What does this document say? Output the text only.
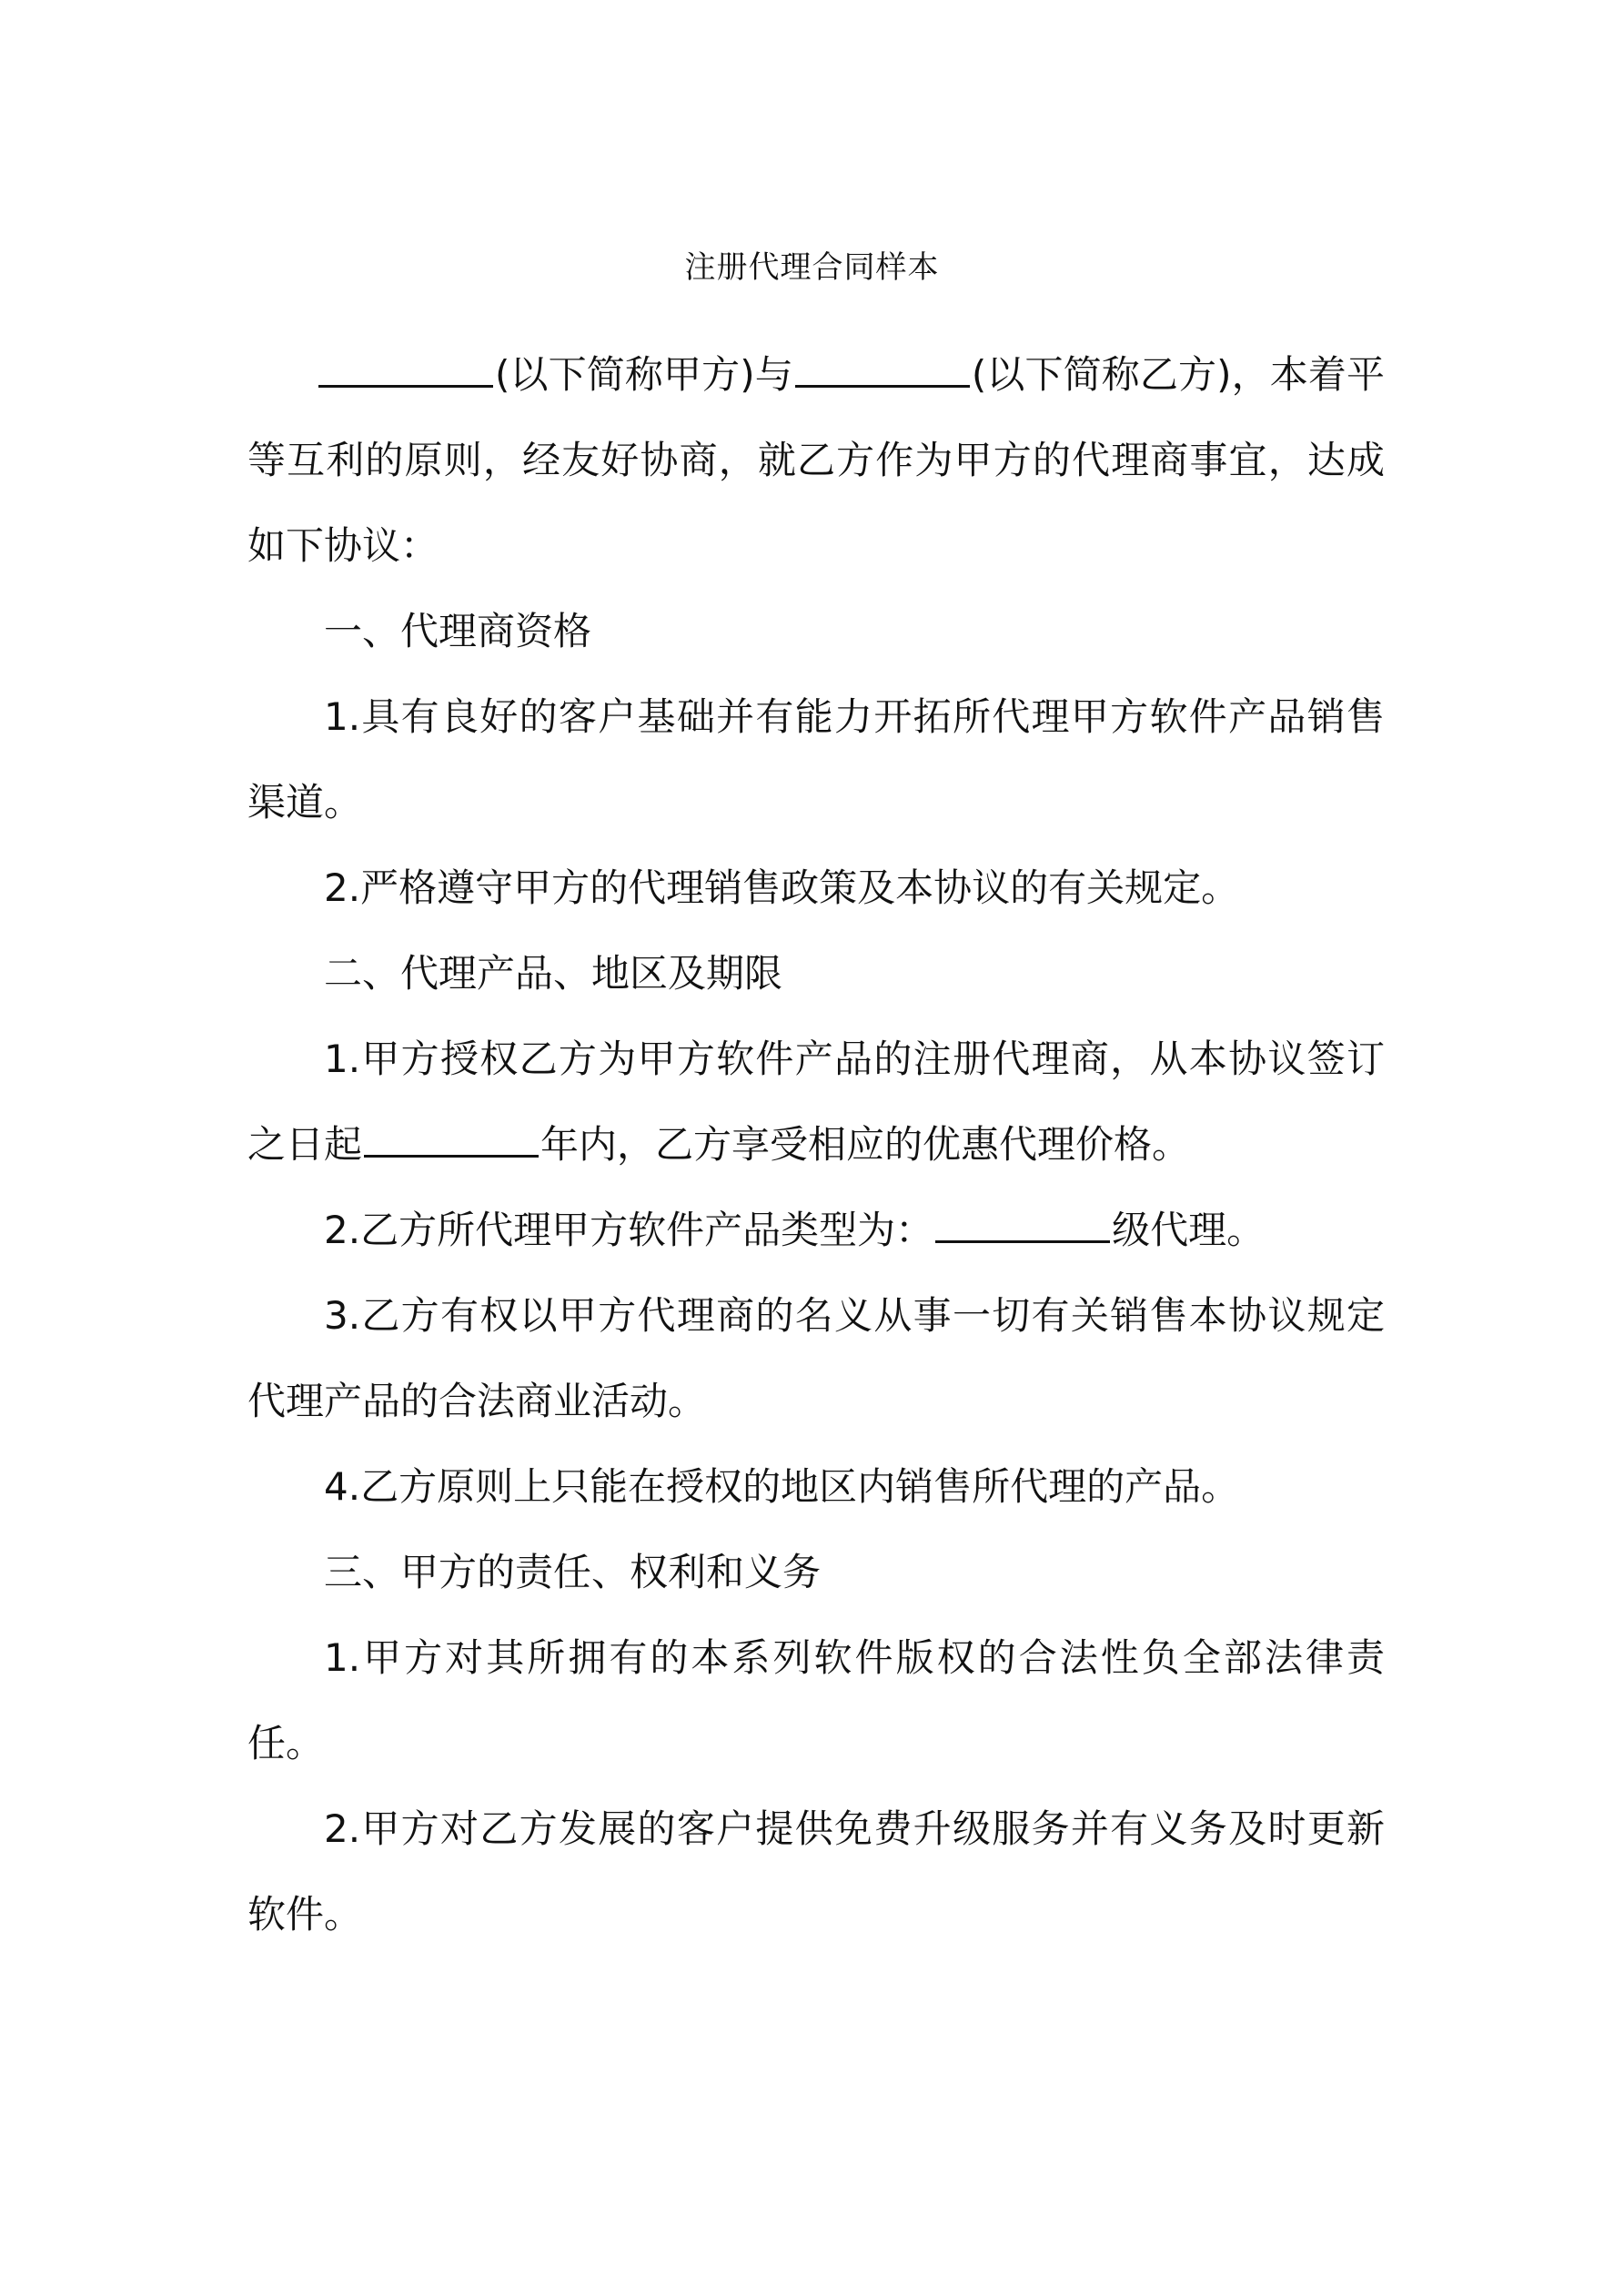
注册代理合同样本

(以下简称甲方)与	(以下简称乙方)，本着平等互利的原则，经友好协商，就乙方作为甲方的代理商事宜，达成如下协议：

一、代理商资格

1.具有良好的客户基础并有能力开拓所代理甲方软件产品销售渠道。

2.严格遵守甲方的代理销售政策及本协议的有关规定。

二、代理产品、地区及期限

1.甲方授权乙方为甲方软件产品的注册代理商，从本协议签订之日起	年内，乙方享受相应的优惠代理价格。

2.乙方所代理甲方软件产品类型为：	级代理。

3.乙方有权以甲方代理商的名义从事一切有关销售本协议规定代理产品的合法商业活动。

4.乙方原则上只能在授权的地区内销售所代理的产品。

三、甲方的责任、权利和义务

1.甲方对其所拥有的本系列软件版权的合法性负全部法律责任。

2.甲方对乙方发展的客户提供免费升级服务并有义务及时更新软件。
